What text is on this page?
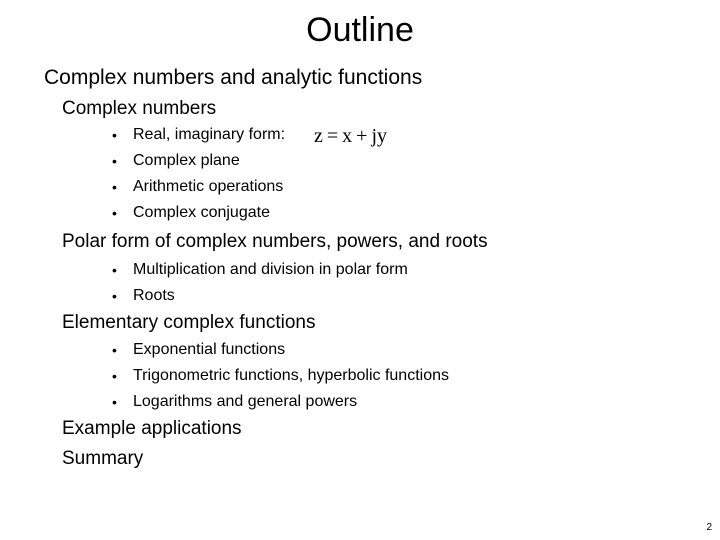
Outline
Complex numbers and analytic functions
Complex numbers
• Real, imaginary form:
• Complex plane
• Arithmetic operations
• Complex conjugate
z = x + jy
Polar form of complex numbers, powers, and roots
• Multiplication and division in polar form
• Roots
Elementary complex functions
• Exponential functions
• Trigonometric functions, hyperbolic functions
• Logarithms and general powers
Example applications
Summary
2
